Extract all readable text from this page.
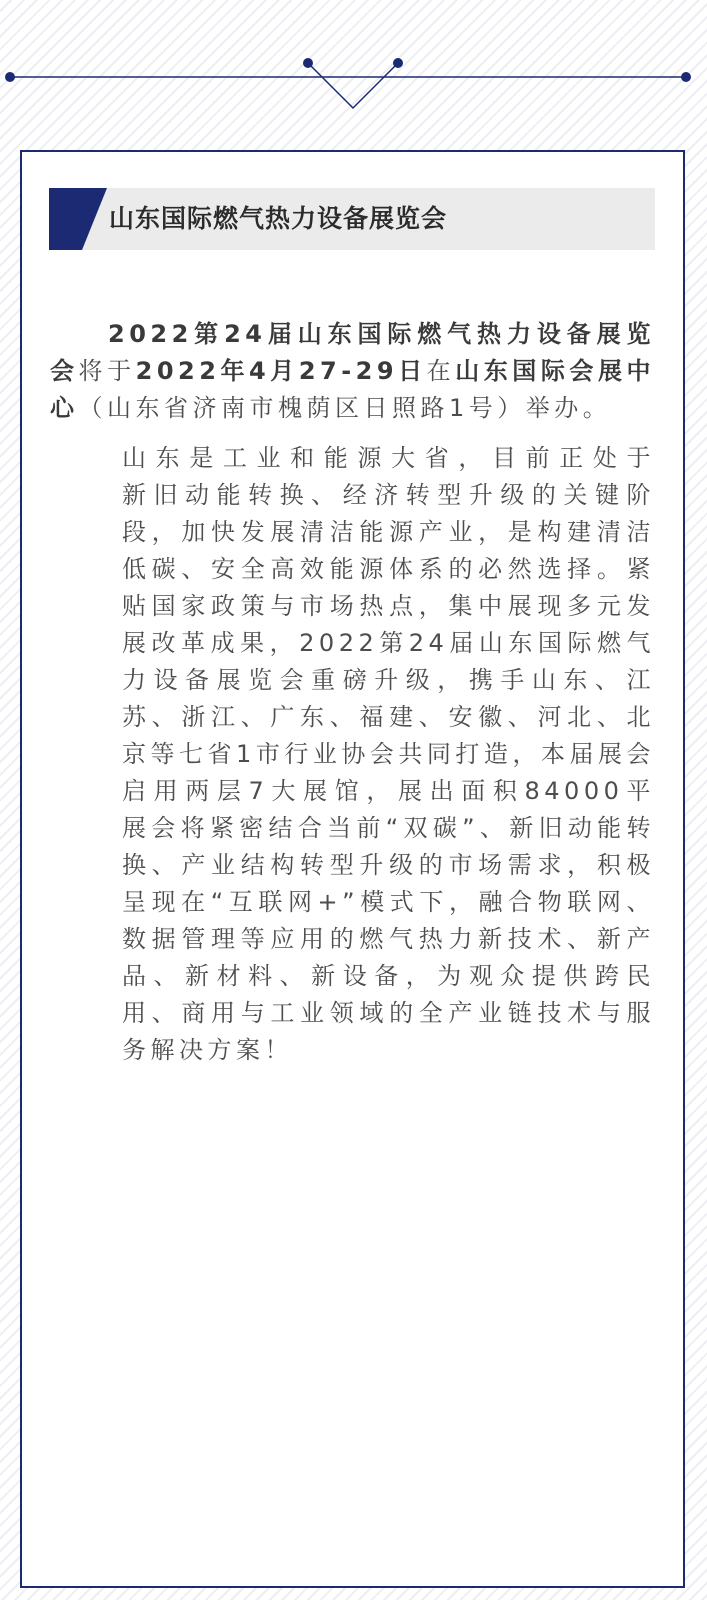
山东国际燃气热力设备展览会

2022第24届山东国际燃气热力设备展览会将于2022年4月27-29日在山东国际会展中心（山东省济南市槐荫区日照路1号）举办。

山东是工业和能源大省，目前正处于
新旧动能转换、经济转型升级的关键阶
段，加快发展清洁能源产业，是构建清洁
低碳、安全高效能源体系的必然选择。紧
贴国家政策与市场热点，集中展现多元发
展改革成果，2022第24届山东国际燃气
力设备展览会重磅升级，携手山东、江
苏、浙江、广东、福建、安徽、河北、北
京等七省1市行业协会共同打造，本届展会
启用两层7大展馆，展出面积84000平
展会将紧密结合当前“双碳”、新旧动能转
换、产业结构转型升级的市场需求，积极
呈现在“互联网+”模式下，融合物联网、
数据管理等应用的燃气热力新技术、新产
品、新材料、新设备，为观众提供跨民
用、商用与工业领域的全产业链技术与服
务解决方案！
